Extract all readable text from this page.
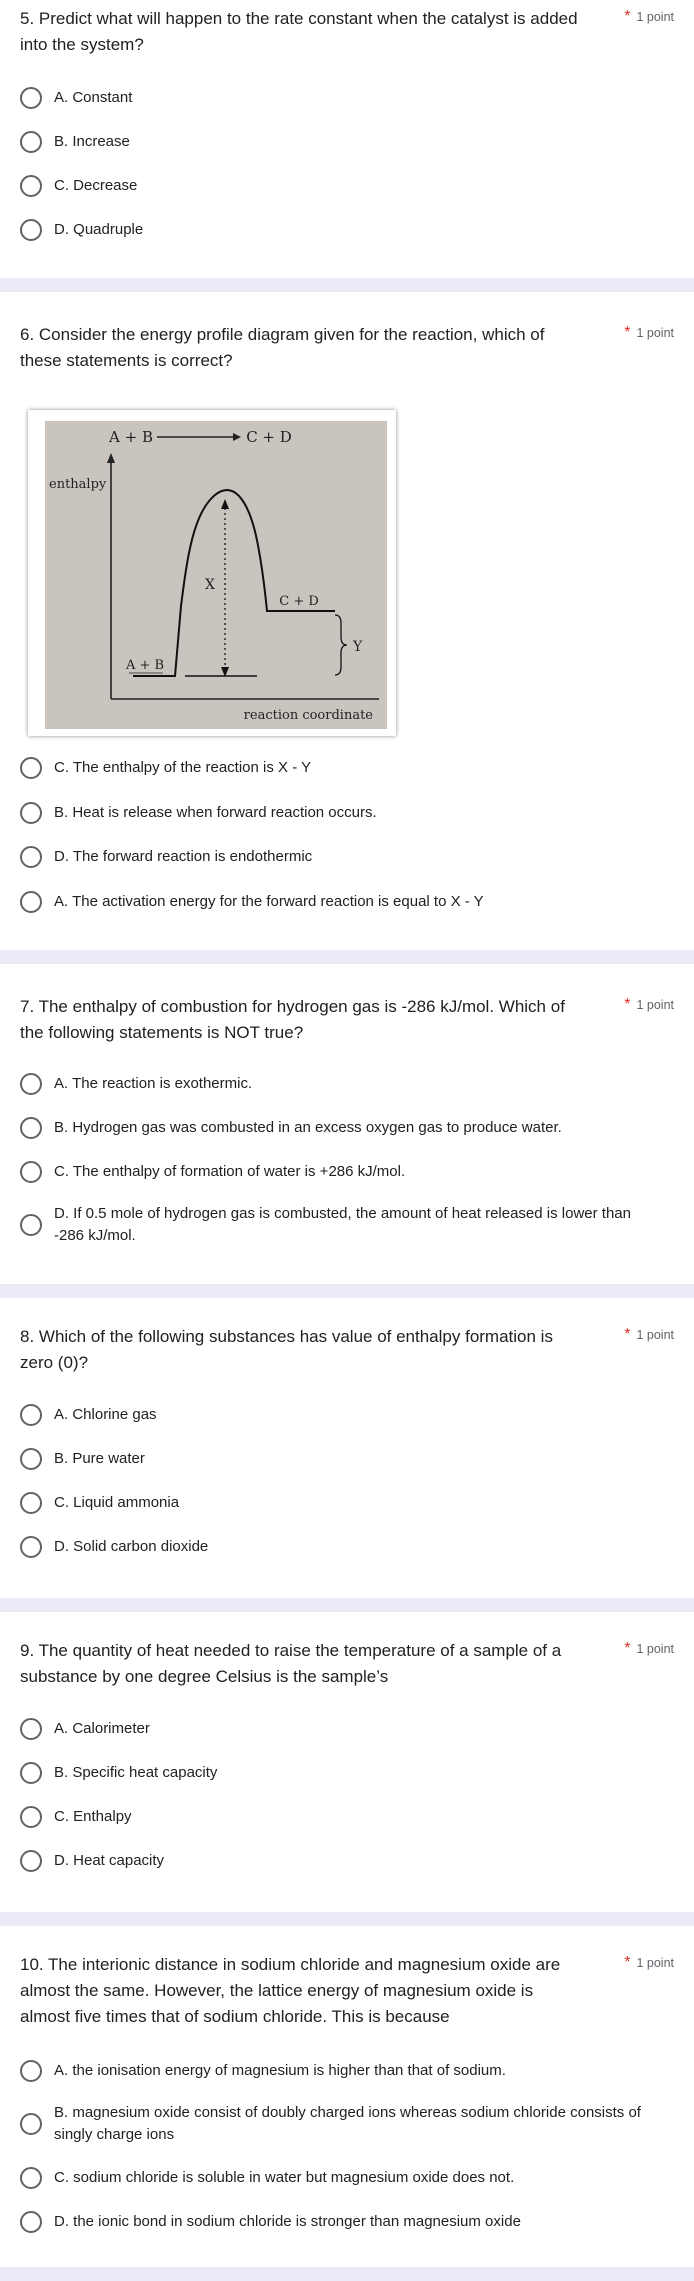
5. Predict what will happen to the rate constant when the catalyst is added into the system?
* 1 point
A. Constant
B. Increase
C. Decrease
D. Quadruple
6. Consider the energy profile diagram given for the reaction, which of these statements is correct?
* 1 point
A + B	C + D
enthalpy
reaction coordinate
X
Y
A + B
C + D
C. The enthalpy of the reaction is X - Y
B. Heat is release when forward reaction occurs.
D. The forward reaction is endothermic
A. The activation energy for the forward reaction is equal to X - Y
7. The enthalpy of combustion for hydrogen gas is -286 kJ/mol. Which of the following statements is NOT true?
* 1 point
A. The reaction is exothermic.
B. Hydrogen gas was combusted in an excess oxygen gas to produce water.
C. The enthalpy of formation of water is +286 kJ/mol.
D. If 0.5 mole of hydrogen gas is combusted, the amount of heat released is lower than -286 kJ/mol.
8. Which of the following substances has value of enthalpy formation is zero (0)?
* 1 point
A. Chlorine gas
B. Pure water
C. Liquid ammonia
D. Solid carbon dioxide
9. The quantity of heat needed to raise the temperature of a sample of a substance by one degree Celsius is the sample’s
* 1 point
A. Calorimeter
B. Specific heat capacity
C. Enthalpy
D. Heat capacity
10. The interionic distance in sodium chloride and magnesium oxide are almost the same. However, the lattice energy of magnesium oxide is almost five times that of sodium chloride. This is because
* 1 point
A. the ionisation energy of magnesium is higher than that of sodium.
B. magnesium oxide consist of doubly charged ions whereas sodium chloride consists of singly charge ions
C. sodium chloride is soluble in water but magnesium oxide does not.
D. the ionic bond in sodium chloride is stronger than magnesium oxide
